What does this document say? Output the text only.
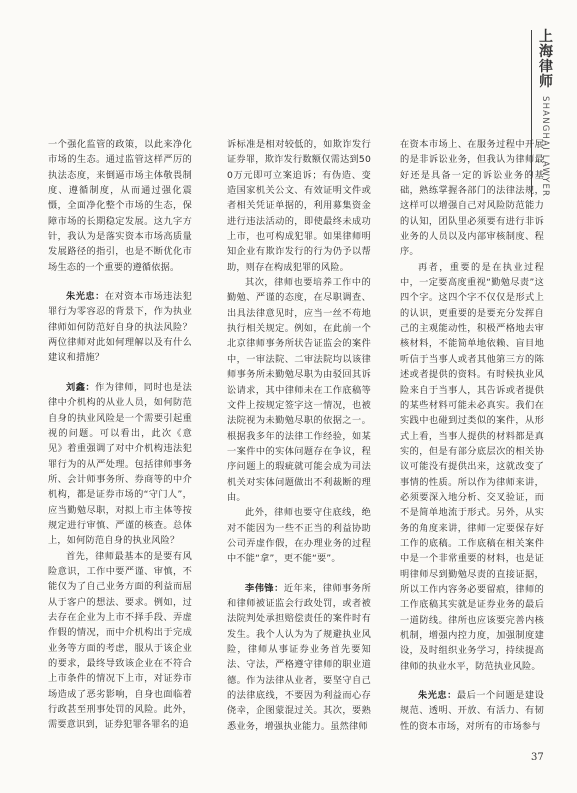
上
海
律
师
SHANGHAI LAWYER

一个强化监管的政策，以此来净化市场的生态。通过监管这样严厉的执法态度，来倒逼市场主体敬畏制度、遵循制度，从而通过强化震慑，全面净化整个市场的生态，保障市场的长期稳定发展。这九字方针，我认为是落实资本市场高质量发展路径的指引，也是不断优化市场生态的一个重要的遵循依据。

朱光忠：在对资本市场违法犯罪行为零容忍的背景下，作为执业律师如何防范好自身的执法风险？两位律师对此如何理解以及有什么建议和措施？

刘鑫：作为律师，同时也是法律中介机构的从业人员，如何防范自身的执业风险是一个需要引起重视的问题。可以看出，此次《意见》着重强调了对中介机构违法犯罪行为的从严处理。包括律师事务所、会计师事务所、券商等的中介机构，都是证券市场的“守门人”，应当勤勉尽职，对拟上市主体等按规定进行审慎、严谨的核查。总体上，如何防范自身的执业风险？

首先，律师最基本的是要有风险意识，工作中要严谨、审慎，不能仅为了自己业务方面的利益而屈从于客户的想法、要求。例如，过去存在企业为上市不择手段、弄虚作假的情况，而中介机构出于完成业务等方面的考虑，服从于该企业的要求，最终导致该企业在不符合上市条件的情况下上市，对证券市场造成了恶劣影响，自身也面临着行政甚至刑事处罚的风险。此外，需要意识到，证券犯罪各罪名的追

诉标准是相对较低的，如欺诈发行证券罪，欺诈发行数额仅需达到500万元即可立案追诉；有伪造、变造国家机关公文、有效证明文件或者相关凭证单据的，利用募集资金进行违法活动的，即使最终未成功上市，也可构成犯罪。如果律师明知企业有欺诈发行的行为仍予以帮助，则存在构成犯罪的风险。

其次，律师也要培养工作中的勤勉、严谨的态度，在尽职调查、出具法律意见时，应当一丝不苟地执行相关规定。例如，在此前一个北京律师事务所状告证监会的案件中，一审法院、二审法院均以该律师事务所未勤勉尽职为由驳回其诉讼请求，其中律师未在工作底稿等文件上按规定签字这一情况，也被法院视为未勤勉尽职的依据之一。根据我多年的法律工作经验，如某一案件中的实体问题存在争议，程序问题上的瑕疵就可能会成为司法机关对实体问题做出不利裁断的理由。

此外，律师也要守住底线，绝对不能因为一些不正当的利益协助公司弄虚作假，在办理业务的过程中不能“拿”，更不能“要”。

李伟锋：近年来，律师事务所和律师被证监会行政处罚，或者被法院判处承担赔偿责任的案件时有发生。我个人认为为了规避执业风险，律师从事证券业务首先要知法、守法，严格遵守律师的职业道德。作为法律从业者，要坚守自己的法律底线，不要因为利益而心存侥幸，企图蒙混过关。其次，要熟悉业务，增强执业能力。虽然律师

在资本市场上、在服务过程中开展的是非诉讼业务，但我认为律师最好还是具备一定的诉讼业务的基础，熟练掌握各部门的法律法规，这样可以增强自己对风险防范能力的认知，团队里必须要有进行非诉业务的人员以及内部审核制度、程序。

再者，重要的是在执业过程中，一定要高度重视“勤勉尽责”这四个字。这四个字不仅仅是形式上的认识，更重要的是要充分发挥自己的主观能动性，积极严格地去审核材料，不能简单地依赖、盲目地听信于当事人或者其他第三方的陈述或者提供的资料。有时候执业风险来自于当事人，其告诉或者提供的某些材料可能未必真实。我们在实践中也碰到过类似的案件，从形式上看，当事人提供的材料都是真实的，但是有部分底层次的相关协议可能没有提供出来，这就改变了事情的性质。所以作为律师来讲，必须要深入地分析、交叉验证，而不是简单地流于形式。另外，从实务的角度来讲，律师一定要保存好工作的底稿。工作底稿在相关案件中是一个非常重要的材料，也是证明律师尽到勤勉尽责的直接证据，所以工作内容务必要留痕，律师的工作底稿其实就是证券业务的最后一道防线。律所也应该要完善内核机制，增强内控力度，加强制度建设，及时组织业务学习，持续提高律师的执业水平，防范执业风险。

朱光忠：最后一个问题是建设规范、透明、开放、有活力、有韧性的资本市场，对所有的市场参与

37
